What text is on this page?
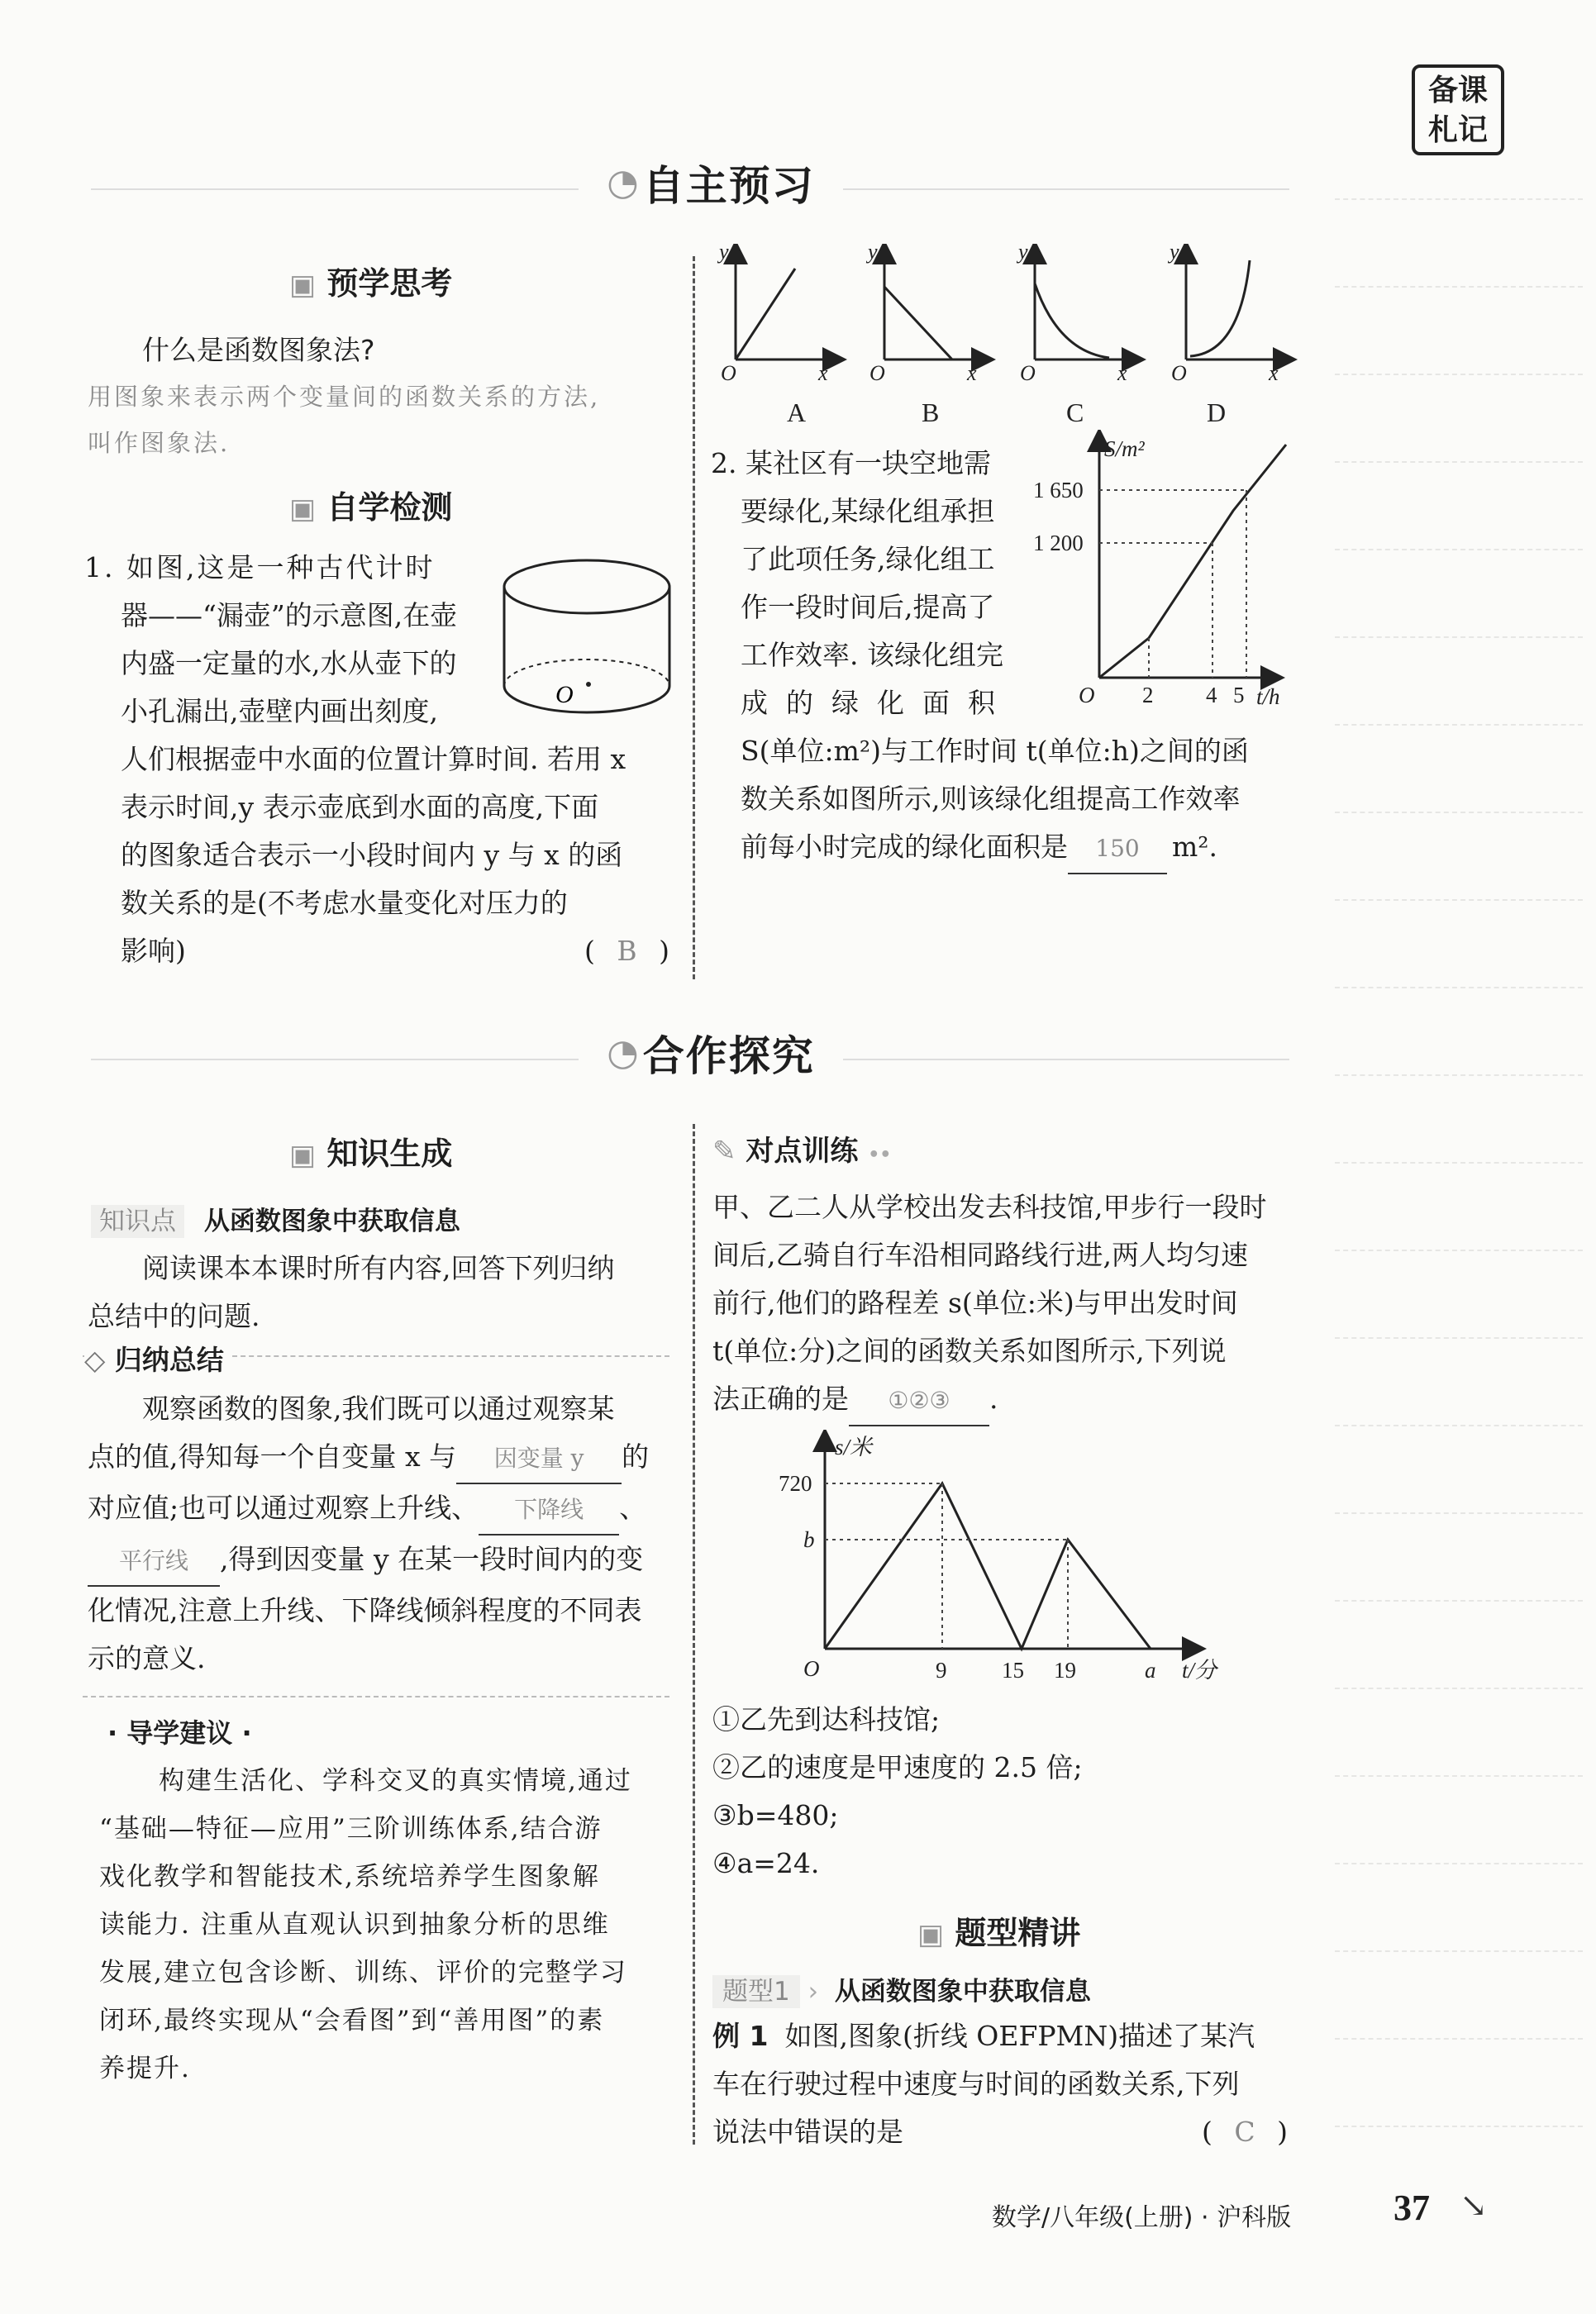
备课
札记
◔ 自主预习
▣ 预学思考
什么是函数图象法?
用图象来表示两个变量间的函数关系的方法,
叫作图象法.
▣ 自学检测
1. 如图,这是一种古代计时
器——“漏壶”的示意图,在壶
内盛一定量的水,水从壶下的
小孔漏出,壶壁内画出刻度,
人们根据壶中水面的位置计算时间. 若用 x
表示时间,y 表示壶底到水面的高度,下面
的图象适合表示一小段时间内 y 与 x 的函
数关系的是(不考虑水量变化对压力的
影响)	( B )
O
y	y	y	y
x	x	x	x
O	O	O	O
A	B	C	D
2. 某社区有一块空地需
要绿化,某绿化组承担
了此项任务,绿化组工
作一段时间后,提高了
工作效率. 该绿化组完
成的绿化面积
S(单位:m²)与工作时间 t(单位:h)之间的函
数关系如图所示,则该绿化组提高工作效率
前每小时完成的绿化面积是 150 m².
S/m²
t/h
O
1 650
1 200
2 4 5
◔ 合作探究
▣ 知识生成
知识点 从函数图象中获取信息
阅读课本本课时所有内容,回答下列归纳
总结中的问题.
◇ 归纳总结
观察函数的图象,我们既可以通过观察某
点的值,得知每一个自变量 x 与 因变量 y 的
对应值;也可以通过观察上升线、 下降线 、
平行线 ,得到因变量 y 在某一段时间内的变
化情况,注意上升线、下降线倾斜程度的不同表
示的意义.
· 导学建议 ·
构建生活化、学科交叉的真实情境,通过
“基础—特征—应用”三阶训练体系,结合游
戏化教学和智能技术,系统培养学生图象解
读能力. 注重从直观认识到抽象分析的思维
发展,建立包含诊断、训练、评价的完整学习
闭环,最终实现从“会看图”到“善用图”的素
养提升.
✎ 对点训练 ••
甲、乙二人从学校出发去科技馆,甲步行一段时
间后,乙骑自行车沿相同路线行进,两人均匀速
前行,他们的路程差 s(单位:米)与甲出发时间
t(单位:分)之间的函数关系如图所示,下列说
法正确的是 ①②③ .
s/米
t/分
O
720
b
9 15 19	a
①乙先到达科技馆;
②乙的速度是甲速度的 2.5 倍;
③b=480;
④a=24.
▣ 题型精讲
题型1 › 从函数图象中获取信息
例 1 如图,图象(折线 OEFPMN)描述了某汽
车在行驶过程中速度与时间的函数关系,下列
说法中错误的是	( C )
数学/八年级(上册) · 沪科版	37 ↘
